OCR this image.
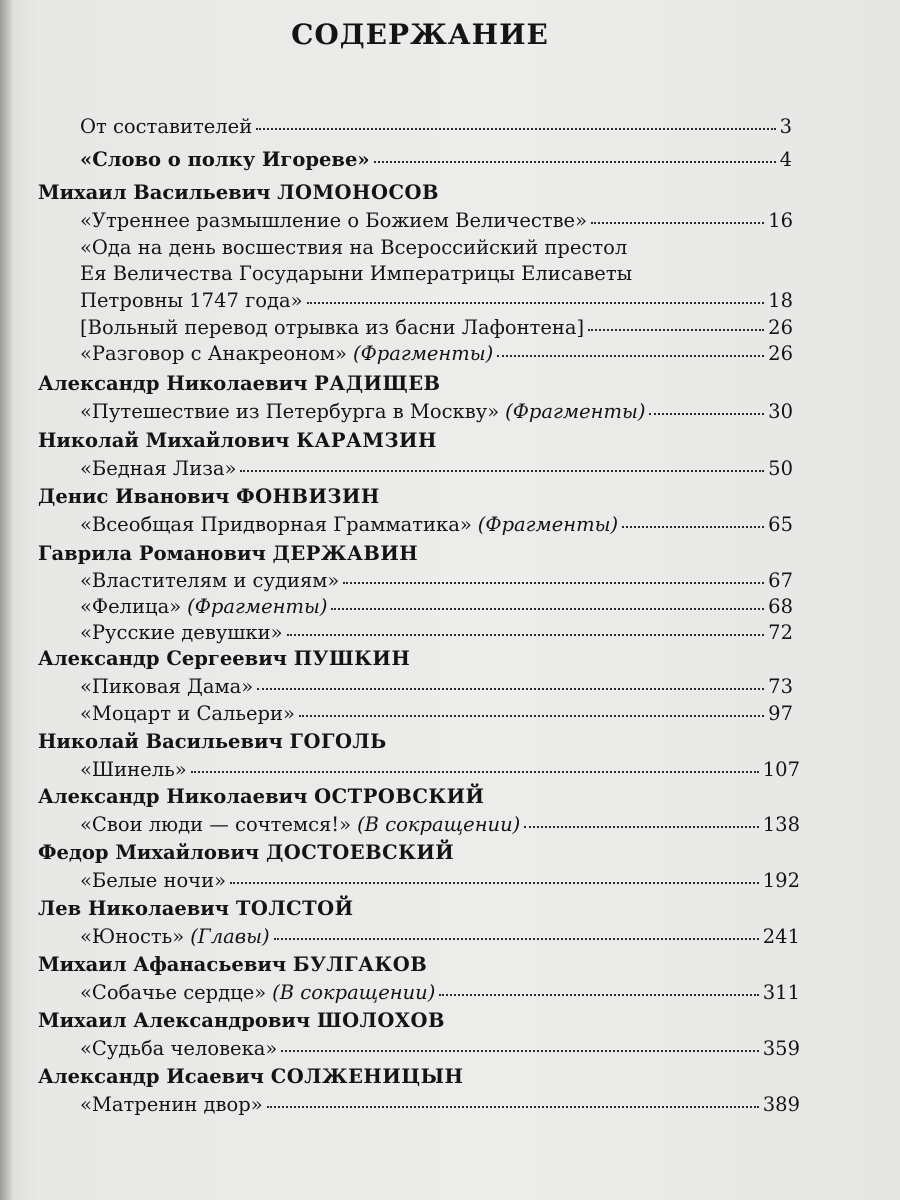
СОДЕРЖАНИЕ
От составителей	3
«Слово о полку Игореве»	4
Михаил Васильевич ЛОМОНОСОВ
«Утреннее размышление о Божием Величестве»	16
«Ода на день восшествия на Всероссийский престол
Ея Величества Государыни Императрицы Елисаветы
Петровны 1747 года»	18
[Вольный перевод отрывка из басни Лафонтена]	26
«Разговор с Анакреоном» (Фрагменты)	26
Александр Николаевич РАДИЩЕВ
«Путешествие из Петербурга в Москву» (Фрагменты)	30
Николай Михайлович КАРАМЗИН
«Бедная Лиза»	50
Денис Иванович ФОНВИЗИН
«Всеобщая Придворная Грамматика» (Фрагменты)	65
Гаврила Романович ДЕРЖАВИН
«Властителям и судиям»	67
«Фелица» (Фрагменты)	68
«Русские девушки»	72
Александр Сергеевич ПУШКИН
«Пиковая Дама»	73
«Моцарт и Сальери»	97
Николай Васильевич ГОГОЛЬ
«Шинель»	107
Александр Николаевич ОСТРОВСКИЙ
«Свои люди — сочтемся!» (В сокращении)	138
Федор Михайлович ДОСТОЕВСКИЙ
«Белые ночи»	192
Лев Николаевич ТОЛСТОЙ
«Юность» (Главы)	241
Михаил Афанасьевич БУЛГАКОВ
«Собачье сердце» (В сокращении)	311
Михаил Александрович ШОЛОХОВ
«Судьба человека»	359
Александр Исаевич СОЛЖЕНИЦЫН
«Матренин двор»	389
